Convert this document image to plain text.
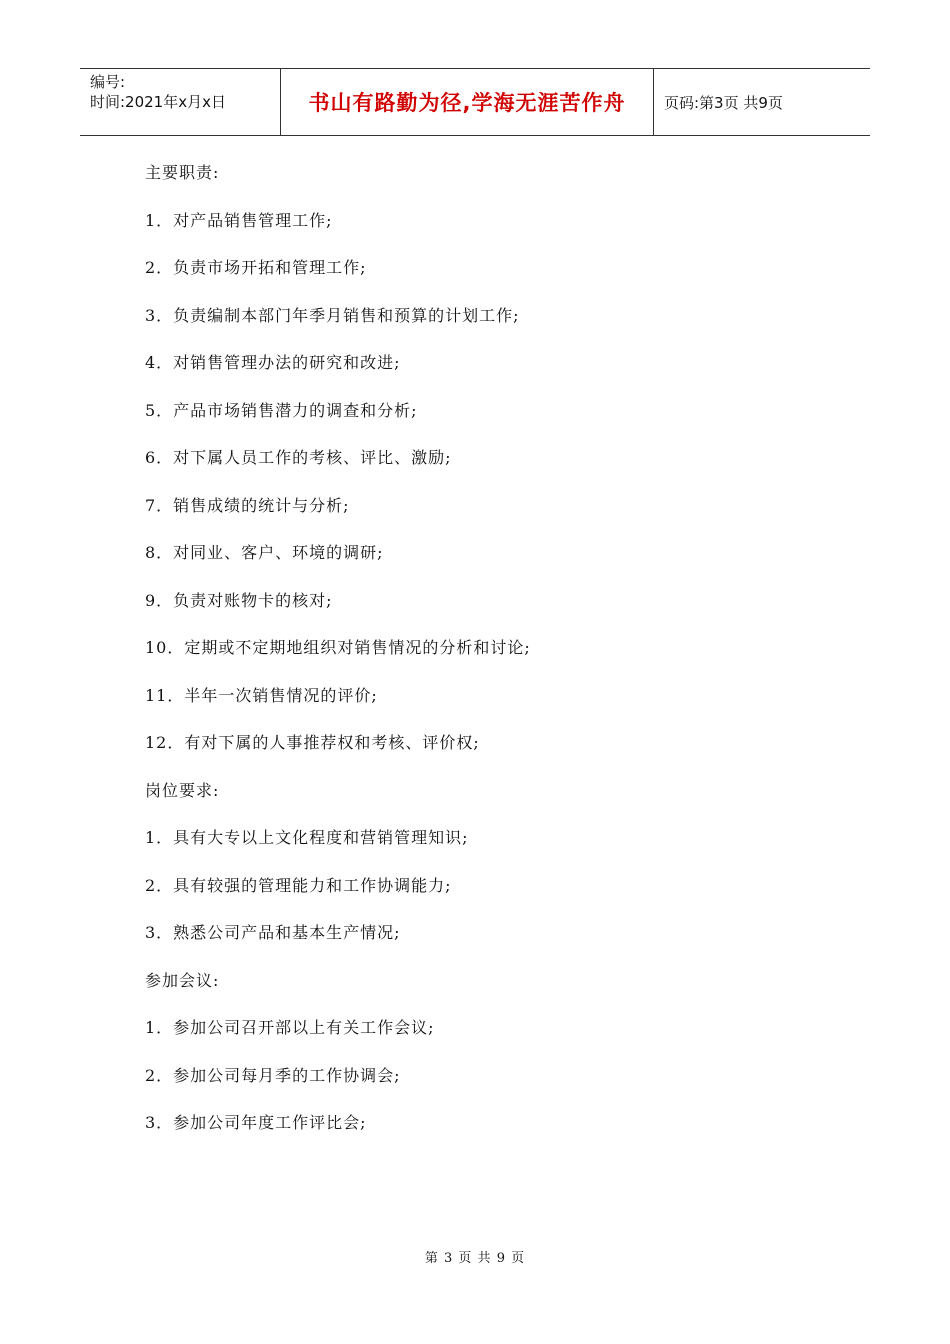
编号:
时间:2021年x月x日	书山有路勤为径,学海无涯苦作舟	页码:第3页 共9页
主要职责:
1．对产品销售管理工作;
2．负责市场开拓和管理工作;
3．负责编制本部门年季月销售和预算的计划工作;
4．对销售管理办法的研究和改进;
5．产品市场销售潜力的调查和分析;
6．对下属人员工作的考核、评比、激励;
7．销售成绩的统计与分析;
8．对同业、客户、环境的调研;
9．负责对账物卡的核对;
10．定期或不定期地组织对销售情况的分析和讨论;
11．半年一次销售情况的评价;
12．有对下属的人事推荐权和考核、评价权;
岗位要求:
1．具有大专以上文化程度和营销管理知识;
2．具有较强的管理能力和工作协调能力;
3．熟悉公司产品和基本生产情况;
参加会议:
1．参加公司召开部以上有关工作会议;
2．参加公司每月季的工作协调会;
3．参加公司年度工作评比会;
第 3 页 共 9 页
